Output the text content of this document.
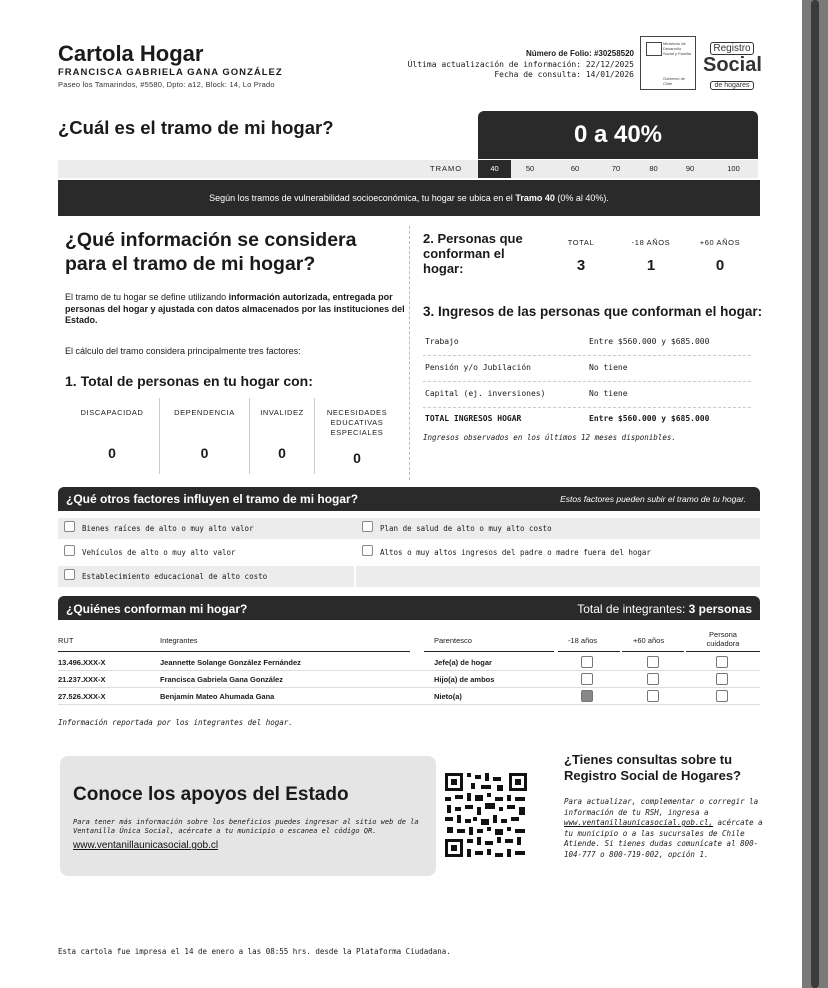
Cartola Hogar
FRANCISCA GABRIELA GANA GONZÁLEZ
Paseo los Tamarindos, #5580, Dpto: a12, Block: 14, Lo Prado
Número de Folio: #30258520
Última actualización de información: 22/12/2025
Fecha de consulta: 14/01/2026
Ministerio de Desarrollo Social y Familia
Gobierno de Chile
Registro
Social
de hogares
¿Cuál es el tramo de mi hogar?	0 a 40%
TRAMO	40	50	60	70	80	90	100
Según los tramos de vulnerabilidad socioeconómica, tu hogar se ubica en el Tramo 40 (0% al 40%).
¿Qué información se considera para el tramo de mi hogar?
El tramo de tu hogar se define utilizando información autorizada, entregada por personas del hogar y ajustada con datos almacenados por las instituciones del Estado.
El cálculo del tramo considera principalmente tres factores:
1. Total de personas en tu hogar con:
DISCAPACIDAD
0
DEPENDENCIA
0
INVALIDEZ
0
NECESIDADES EDUCATIVAS ESPECIALES
0
2. Personas que conforman el hogar:
TOTAL
3
-18 AÑOS
1
+60 AÑOS
0
3. Ingresos de las personas que conforman el hogar:
Trabajo	Entre $560.000 y $685.000
Pensión y/o Jubilación	No tiene
Capital (ej. inversiones)	No tiene
TOTAL INGRESOS HOGAR	Entre $560.000 y $685.000
Ingresos observados en los últimos 12 meses disponibles.
¿Qué otros factores influyen el tramo de mi hogar?	Estos factores pueden subir el tramo de tu hogar.
Bienes raíces de alto o muy alto valor	Plan de salud de alto o muy alto costo
Vehículos de alto o muy alto valor	Altos o muy altos ingresos del padre o madre fuera del hogar
Establecimiento educacional de alto costo
¿Quiénes conforman mi hogar?	Total de integrantes: 3 personas
RUT	Integrantes	Parentesco	-18 años	+60 años
Persona cuidadora
13.496.XXX-X	Jeannette Solange González Fernández	Jefe(a) de hogar
21.237.XXX-X	Francisca Gabriela Gana González	Hijo(a) de ambos
27.526.XXX-X	Benjamín Mateo Ahumada Gana	Nieto(a)
Información reportada por los integrantes del hogar.
Conoce los apoyos del Estado
Para tener más información sobre los beneficios puedes ingresar al sitio web de la Ventanilla Única Social, acércate a tu municipio o escanea el código QR.
www.ventanillaunicasocial.gob.cl
¿Tienes consultas sobre tu Registro Social de Hogares?
Para actualizar, complementar o corregir la información de tu RSH, ingresa a www.ventanillaunicasocial.gob.cl, acércate a tu municipio o a las sucursales de Chile Atiende. Si tienes dudas comunícate al 800-104-777 o 800-719-002, opción 1.
Esta cartola fue impresa el 14 de enero a las 08:55 hrs. desde la Plataforma Ciudadana.
